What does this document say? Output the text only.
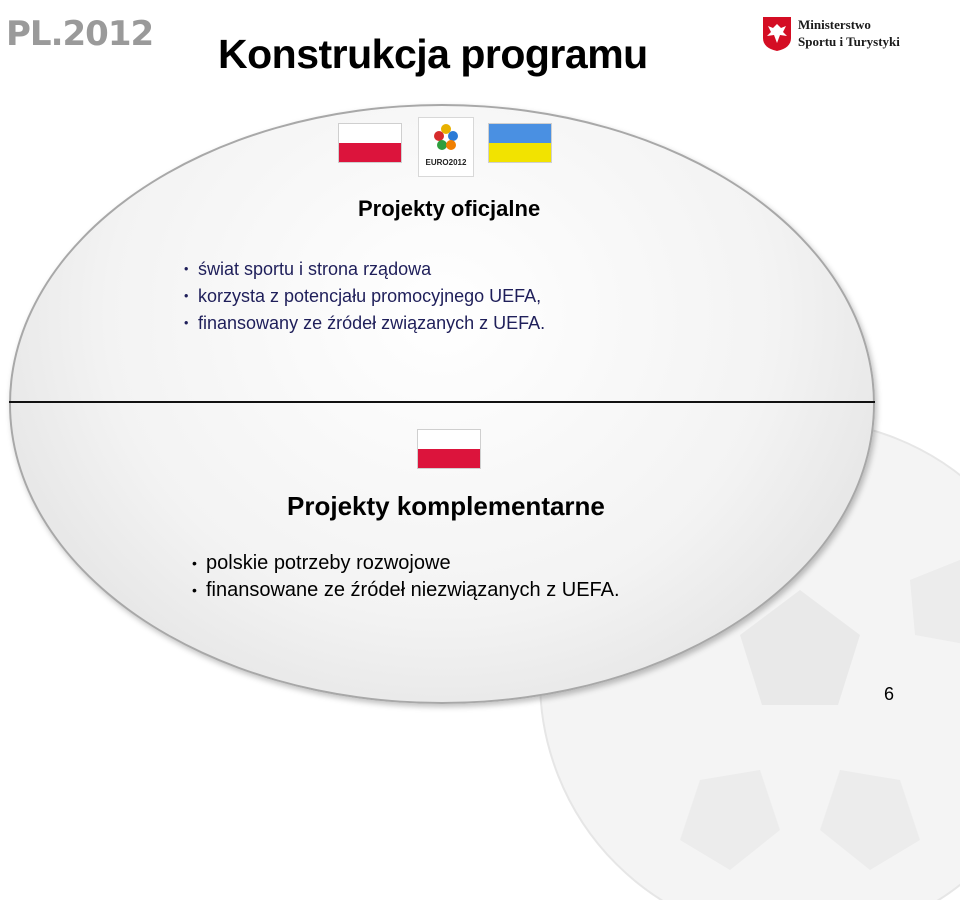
PL.2012 Konstrukcja programu
Ministerstwo
Sportu i Turystyki
EURO2012
Projekty oficjalne
• świat sportu i strona rządowa
• korzysta z potencjału promocyjnego UEFA,
• finansowany ze źródeł związanych z UEFA.
Projekty komplementarne
• polskie potrzeby rozwojowe
• finansowane ze źródeł niezwiązanych z UEFA.
6
